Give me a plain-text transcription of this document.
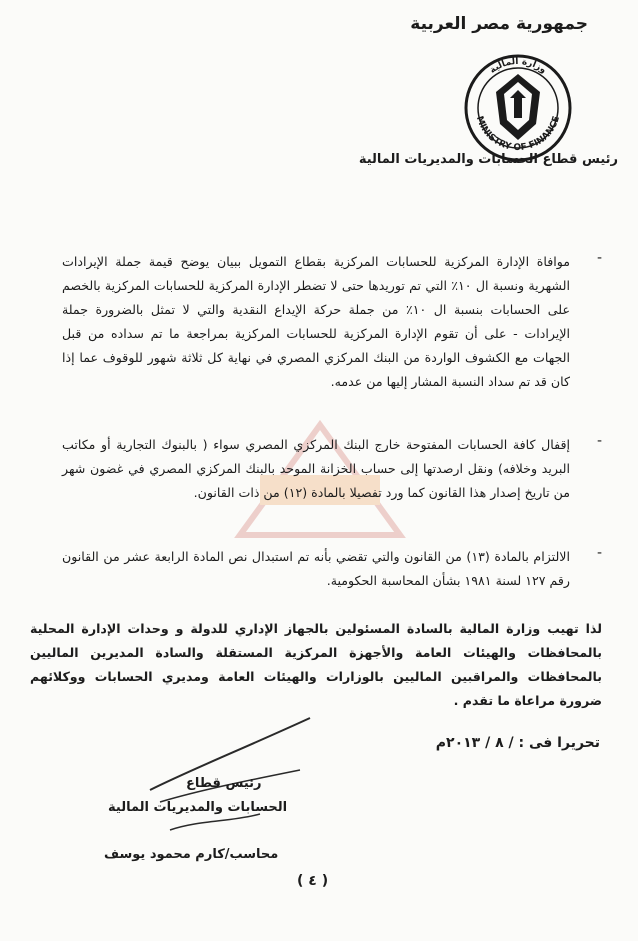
جمهورية مصر العربية
MINISTRY OF FINANCE
وزارة المالية
رئيس قطاع الحسابات والمديريات المالية
-
موافاة الإدارة المركزية للحسابات المركزية بقطاع التمويل ببيان يوضح قيمة جملة الإيرادات الشهرية ونسبة ال ١٠٪ التي تم توريدها حتى لا تضطر الإدارة المركزية للحسابات المركزية بالخصم على الحسابات بنسبة ال ١٠٪ من جملة حركة الإيداع النقدية والتي لا تمثل بالضرورة جملة الإيرادات - على أن تقوم الإدارة المركزية للحسابات المركزية بمراجعة ما تم سداده من قبل الجهات مع الكشوف الواردة من البنك المركزي المصري في نهاية كل ثلاثة شهور للوقوف عما إذا كان قد تم سداد النسبة المشار إليها من عدمه.
-
إقفال كافة الحسابات المفتوحة خارج البنك المركزي المصري سواء ( بالبنوك التجارية أو مكاتب البريد وخلافه) ونقل ارصدتها إلى حساب الخزانة الموحد بالبنك المركزي المصري في غضون شهر من تاريخ إصدار هذا القانون كما ورد تفصيلا بالمادة (١٢) من ذات القانون.
-
الالتزام بالمادة (١٣) من القانون والتي تقضي بأنه تم استبدال نص المادة الرابعة عشر من القانون رقم ١٢٧ لسنة ١٩٨١ بشأن المحاسبة الحكومية.
لذا تهيب وزارة المالية بالسادة المسئولين بالجهاز الإداري للدولة و وحدات الإدارة المحلية بالمحافظات والهيئات العامة والأجهزة المركزية المستقلة والسادة المديرين الماليين بالمحافظات والمراقبين الماليين بالوزارات والهيئات العامة ومديري الحسابات ووكلائهم ضرورة مراعاة ما تقدم .
تحريرا فى : / ٨ / ٢٠١٣م
رئيس قطاع
الحسابات والمديريات المالية
محاسب/كارم محمود يوسف
( ٤ )
